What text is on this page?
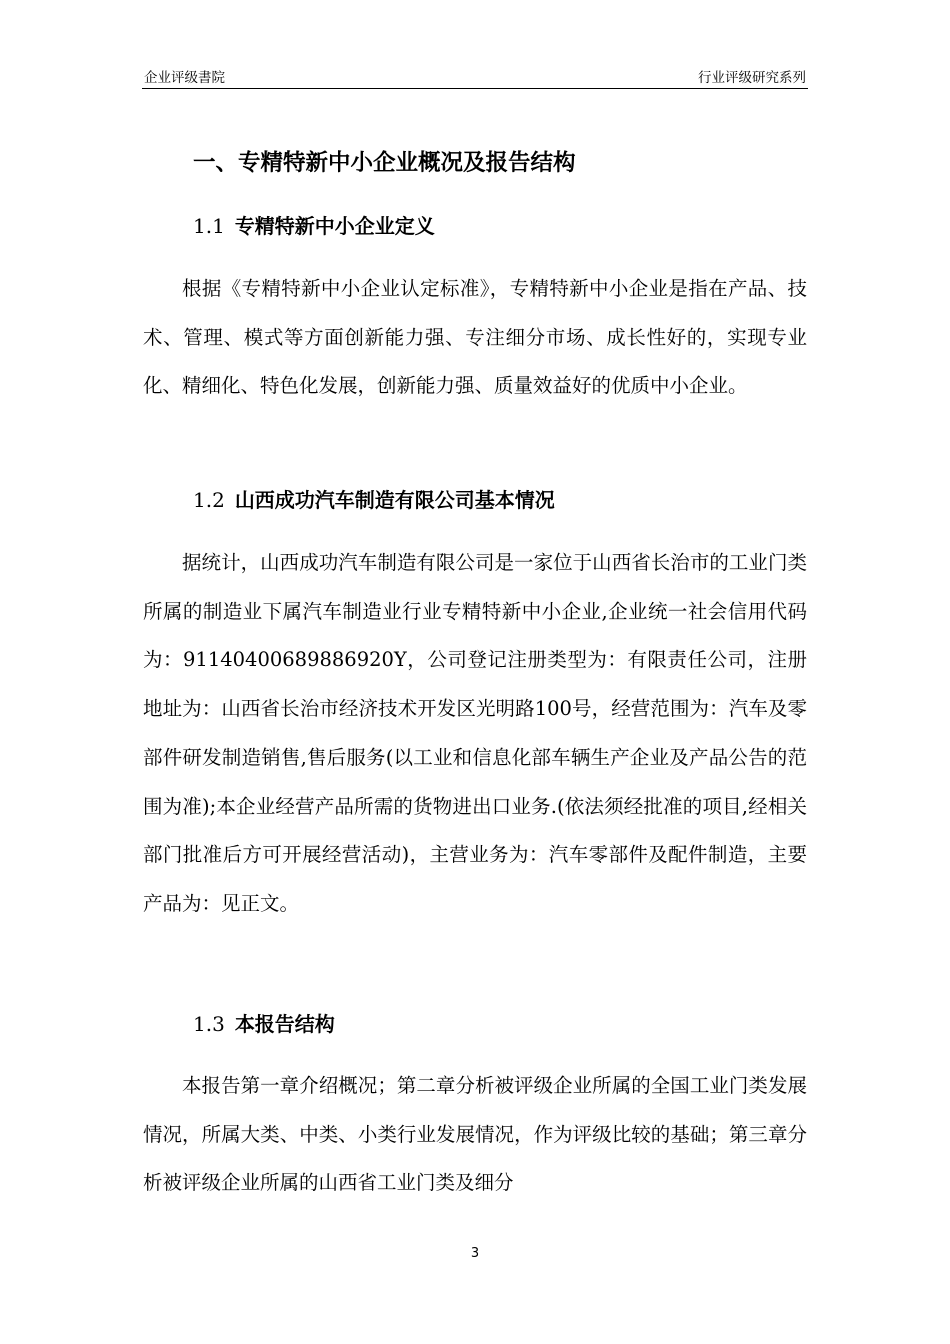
企业评级書院	行业评级研究系列
一、专精特新中小企业概况及报告结构
1.1 专精特新中小企业定义
根据《专精特新中小企业认定标准》，专精特新中小企业是指在产品、技术、管理、模式等方面创新能力强、专注细分市场、成长性好的，实现专业化、精细化、特色化发展，创新能力强、质量效益好的优质中小企业。
1.2 山西成功汽车制造有限公司基本情况
据统计，山西成功汽车制造有限公司是一家位于山西省长治市的工业门类所属的制造业下属汽车制造业行业专精特新中小企业,企业统一社会信用代码为：91140400689886920Y，公司登记注册类型为：有限责任公司，注册地址为：山西省长治市经济技术开发区光明路100号，经营范围为：汽车及零部件研发制造销售,售后服务(以工业和信息化部车辆生产企业及产品公告的范围为准);本企业经营产品所需的货物进出口业务.(依法须经批准的项目,经相关部门批准后方可开展经营活动)，主营业务为：汽车零部件及配件制造，主要产品为：见正文。
1.3 本报告结构
本报告第一章介绍概况；第二章分析被评级企业所属的全国工业门类发展情况，所属大类、中类、小类行业发展情况，作为评级比较的基础；第三章分析被评级企业所属的山西省工业门类及细分
3
